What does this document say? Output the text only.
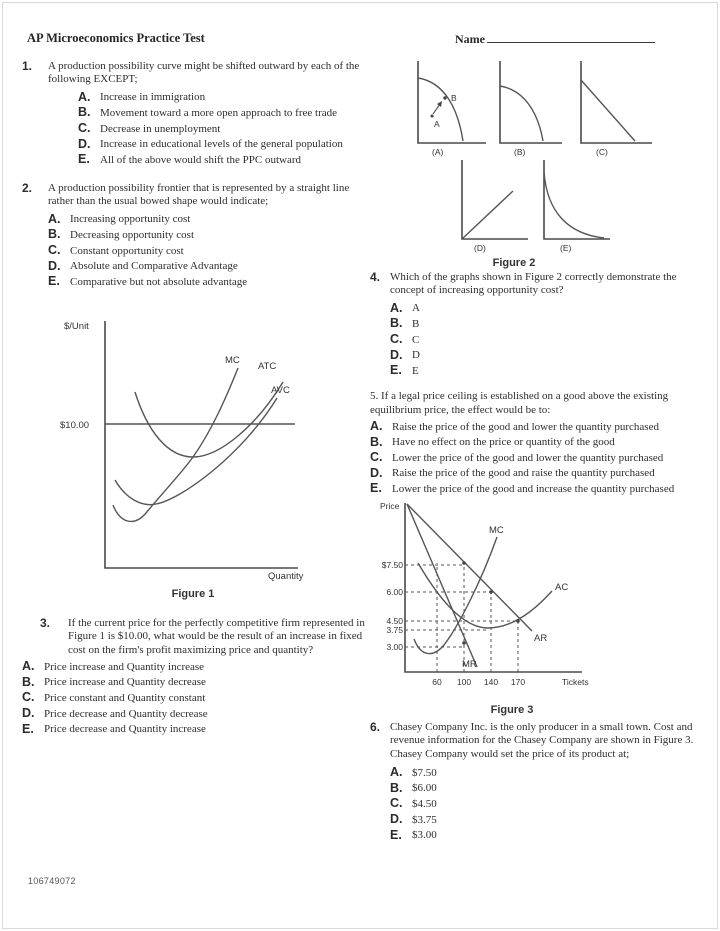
AP Microeconomics Practice Test	Name
1.	A production possibility curve might be shifted outward by each of the following EXCEPT;
A. Increase in immigration
B. Movement toward a more open approach to free trade
C. Decrease in unemployment
D. Increase in educational levels of the general population
E. All of the above would shift the PPC outward
2.	A production possibility frontier that is represented by a straight line rather than the usual bowed shape would indicate;
A. Increasing opportunity cost
B. Decreasing opportunity cost
C. Constant opportunity cost
D. Absolute and Comparative Advantage
E. Comparative but not absolute advantage
$/Unit
$10.00
MC
ATC
AVC
Quantity
Figure 1
3.	If the current price for the perfectly competitive firm represented in Figure 1 is $10.00, what would be the result of an increase in fixed cost on the firm's profit maximizing price and quantity?
A. Price increase and Quantity increase
B. Price increase and Quantity decrease
C. Price constant and Quantity constant
D. Price decrease and Quantity decrease
E. Price decrease and Quantity increase
B
A
(A)	(B)	(C)
(D)	(E)
Figure 2
4. Which of the graphs shown in Figure 2 correctly demonstrate the concept of increasing opportunity cost?
A. A
B. B
C. C
D. D
E. E
5. If a legal price ceiling is established on a good above the existing equilibrium price, the effect would be to:
A. Raise the price of the good and lower the quantity purchased
B. Have no effect on the price or quantity of the good
C. Lower the price of the good and lower the quantity purchased
D. Raise the price of the good and raise the quantity purchased
E. Lower the price of the good and increase the quantity purchased
Price
$7.50
6.00
4.50
3.75
3.00
MC
AC
AR
MR
60 100 140 170	Tickets
Figure 3
6. Chasey Company Inc. is the only producer in a small town. Cost and revenue information for the Chasey Company are shown in Figure 3. Chasey Company would set the price of its product at;
A. $7.50
B. $6.00
C. $4.50
D. $3.75
E. $3.00
106749072
